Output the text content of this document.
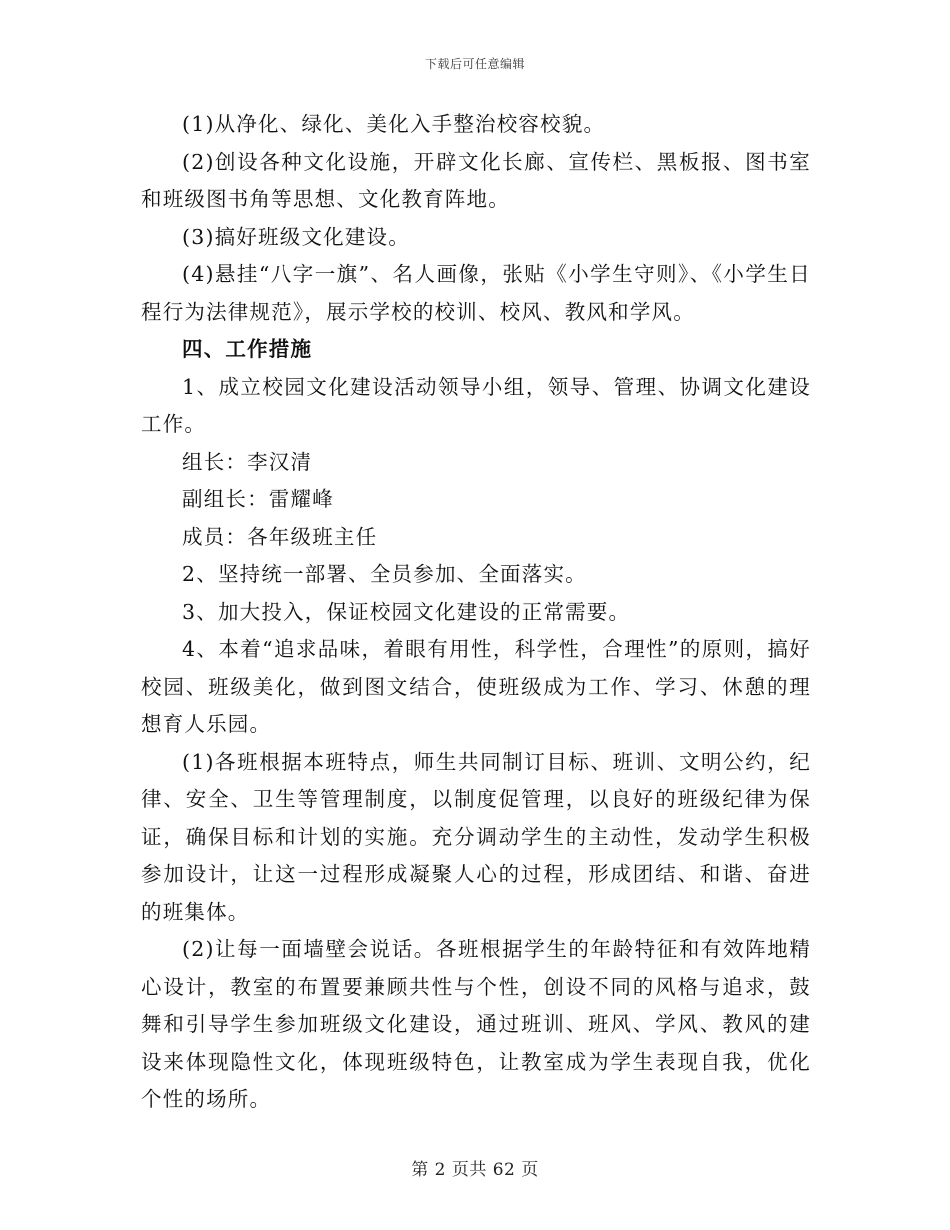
下载后可任意编辑

(1)从净化、绿化、美化入手整治校容校貌。

(2)创设各种文化设施，开辟文化长廊、宣传栏、黑板报、图书室和班级图书角等思想、文化教育阵地。

(3)搞好班级文化建设。

(4)悬挂“八字一旗”、名人画像，张贴《小学生守则》、《小学生日程行为法律规范》，展示学校的校训、校风、教风和学风。

四、工作措施

1、成立校园文化建设活动领导小组，领导、管理、协调文化建设工作。

组长：李汉清

副组长：雷耀峰

成员：各年级班主任

2、坚持统一部署、全员参加、全面落实。

3、加大投入，保证校园文化建设的正常需要。

4、本着“追求品味，着眼有用性，科学性，合理性”的原则，搞好校园、班级美化，做到图文结合，使班级成为工作、学习、休憩的理想育人乐园。

(1)各班根据本班特点，师生共同制订目标、班训、文明公约，纪律、安全、卫生等管理制度，以制度促管理，以良好的班级纪律为保证，确保目标和计划的实施。充分调动学生的主动性，发动学生积极参加设计，让这一过程形成凝聚人心的过程，形成团结、和谐、奋进的班集体。

(2)让每一面墙壁会说话。各班根据学生的年龄特征和有效阵地精心设计，教室的布置要兼顾共性与个性，创设不同的风格与追求，鼓舞和引导学生参加班级文化建设，通过班训、班风、学风、教风的建设来体现隐性文化，体现班级特色，让教室成为学生表现自我，优化个性的场所。

第 2 页共 62 页
